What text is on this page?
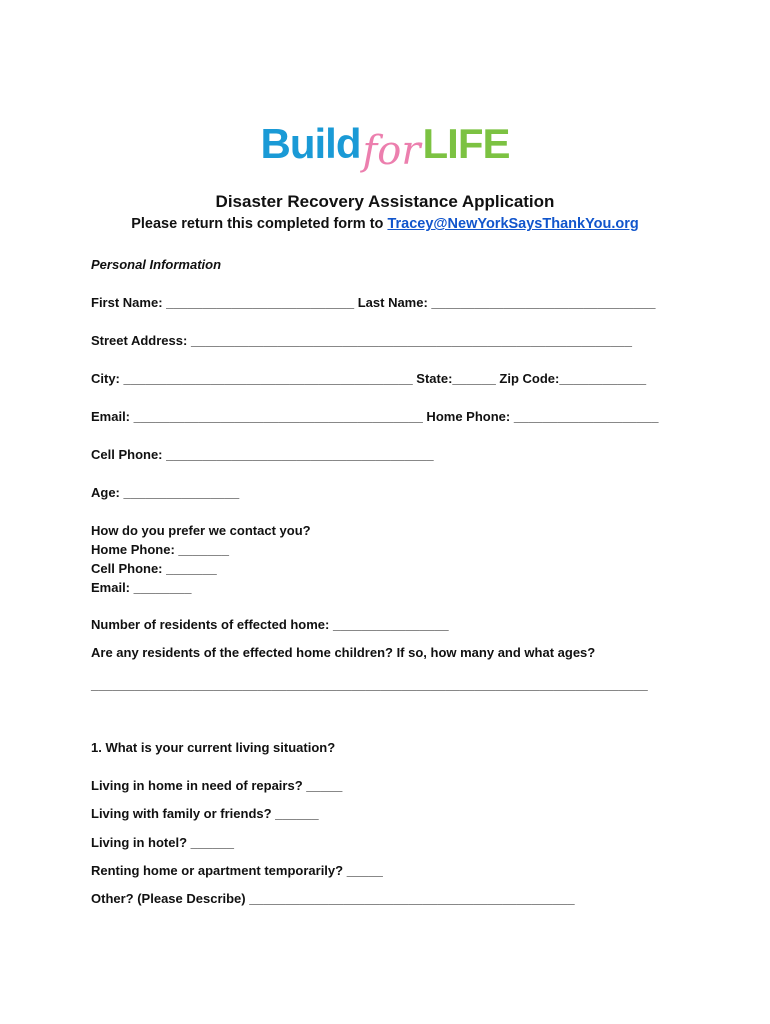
BuildforLIFE
Disaster Recovery Assistance Application
Please return this completed form to Tracey@NewYorkSaysThankYou.org
Personal Information
First Name: __________________________ Last Name: _______________________________
Street Address: _____________________________________________________________
City: ________________________________________ State:______ Zip Code:____________
Email: ________________________________________ Home Phone: ____________________
Cell Phone: _____________________________________
Age: ________________
How do you prefer we contact you?
Home Phone: _______
Cell Phone: _______
Email: ________
Number of residents of effected home: ________________
Are any residents of the effected home children? If so, how many and what ages?
_____________________________________________________________________________
1. What is your current living situation?
Living in home in need of repairs? _____
Living with family or friends? ______
Living in hotel? ______
Renting home or apartment temporarily? _____
Other? (Please Describe) _____________________________________________
